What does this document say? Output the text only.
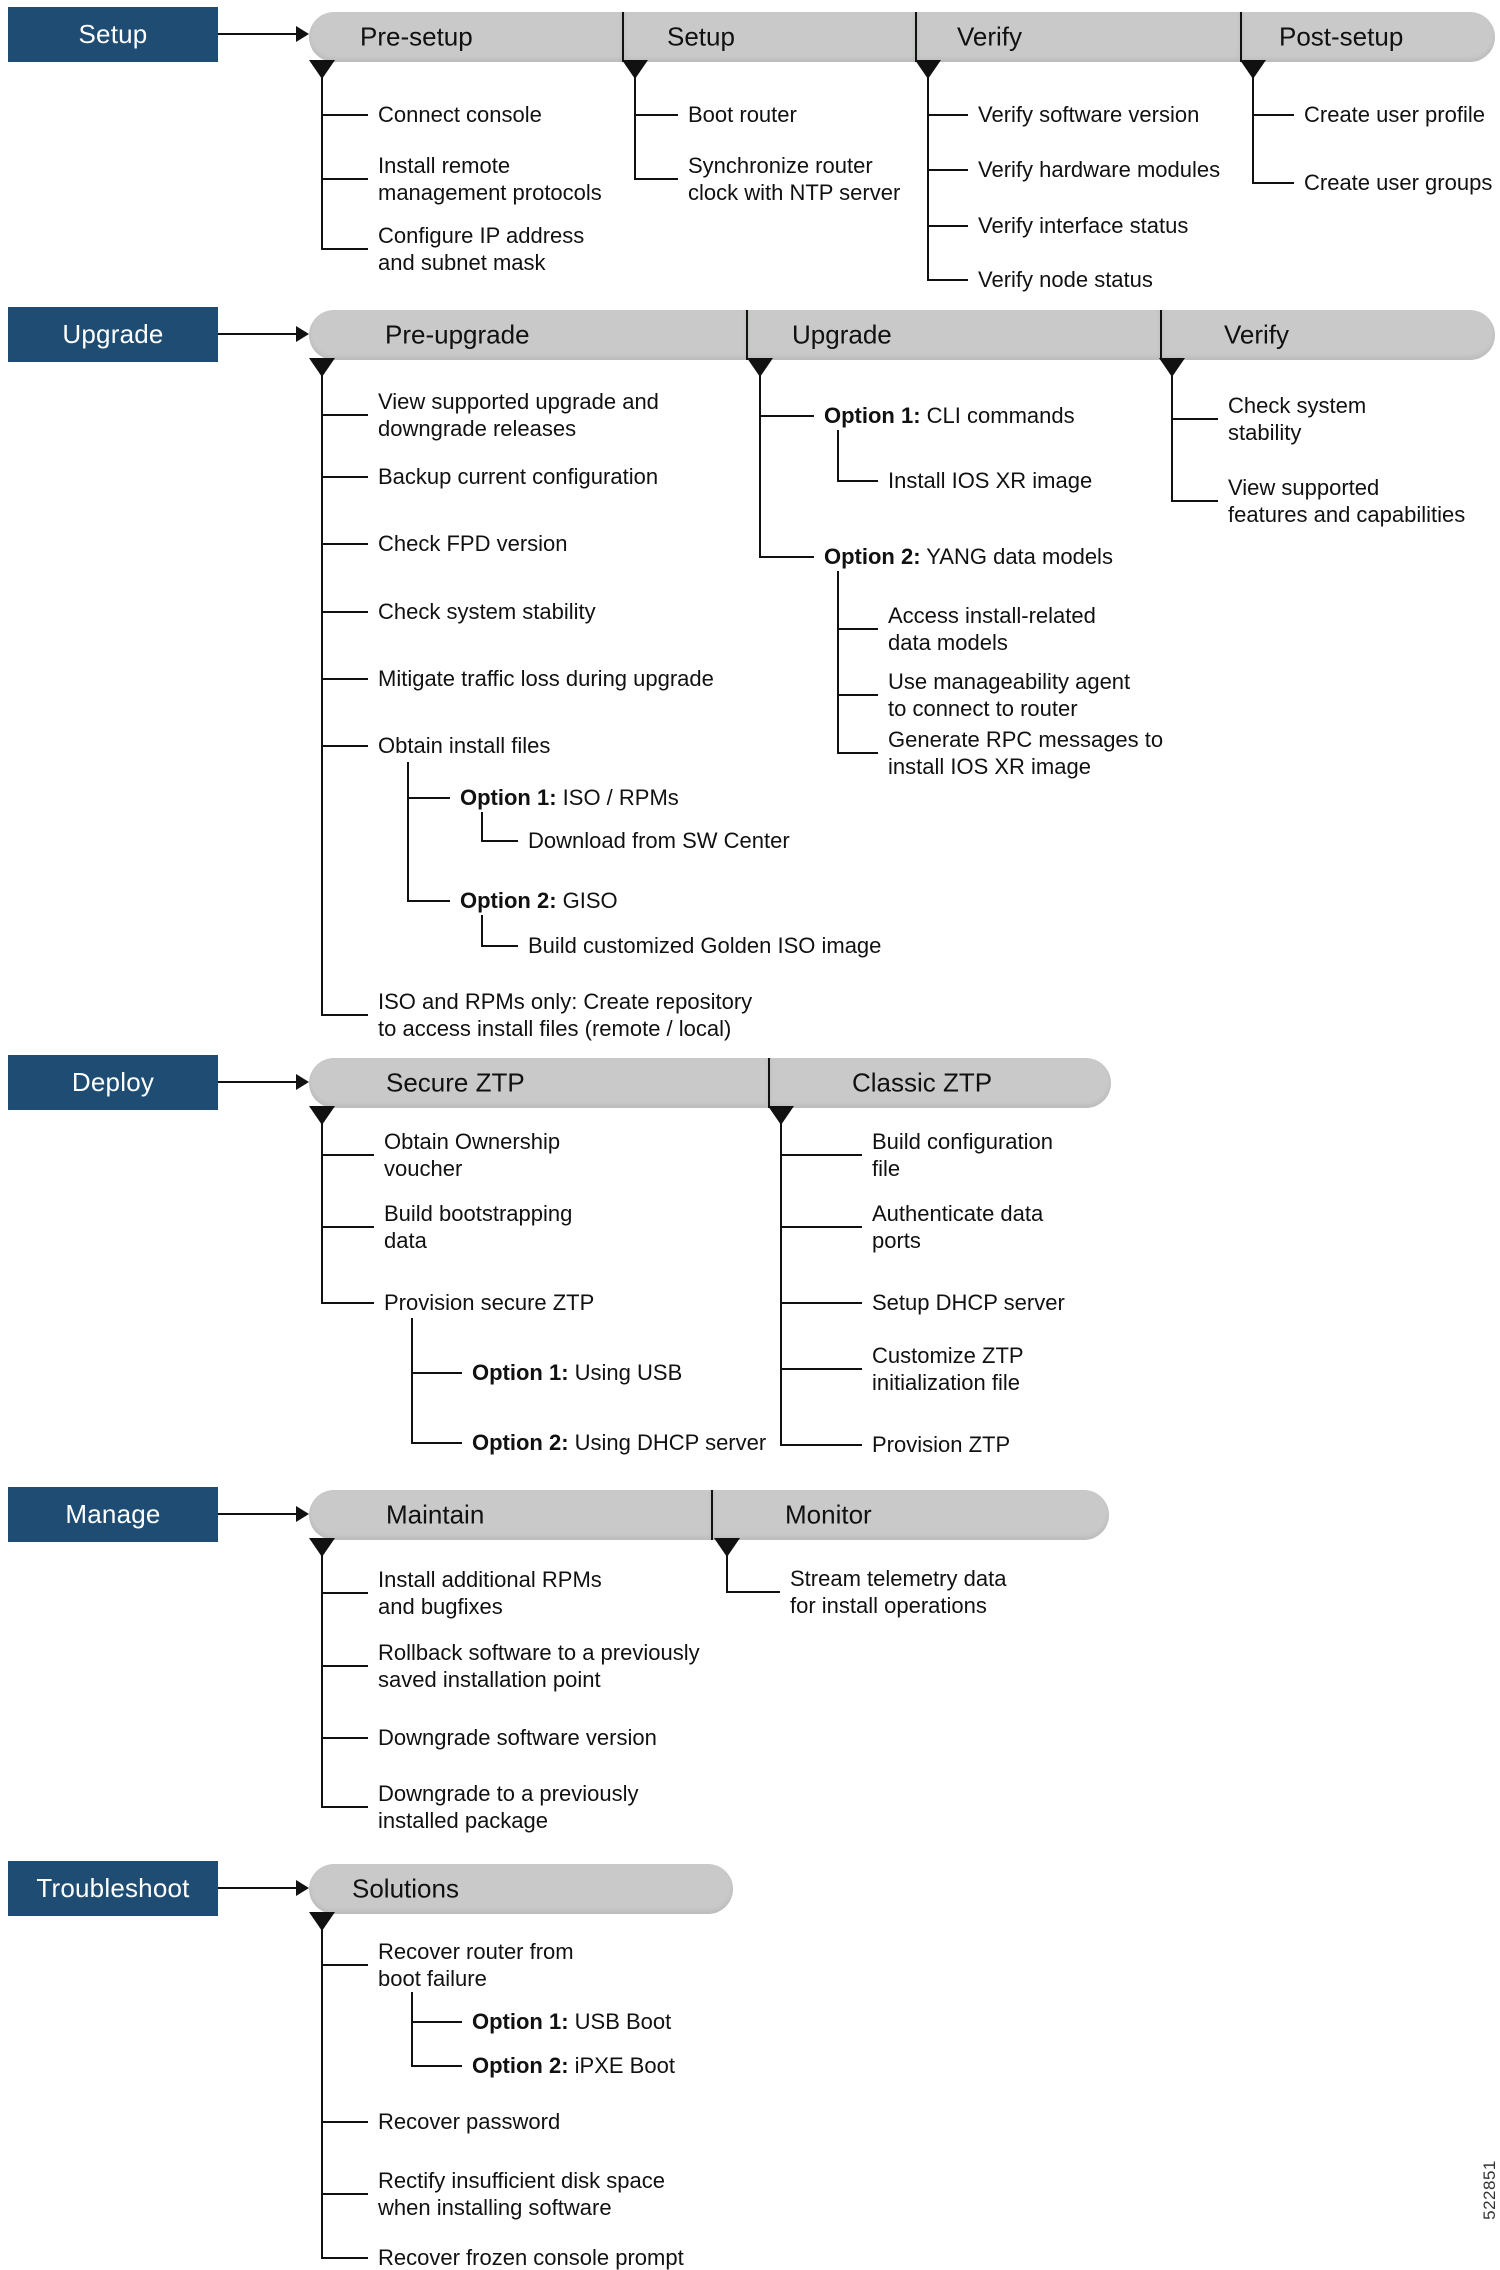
522851
Setup	Pre-setup
Connect console
Install remote
management protocols
Configure IP address
and subnet mask
Setup
Boot router
Synchronize router
clock with NTP server
Verify
Verify software version
Verify hardware modules
Verify interface status
Verify node status
Post-setup
Create user profile
Create user groups
Upgrade	Pre-upgrade
View supported upgrade and
downgrade releases
Backup current configuration
Check FPD version
Check system stability
Mitigate traffic loss during upgrade
Obtain install files
Option 1: ISO / RPMs
Download from SW Center
Option 2: GISO
Build customized Golden ISO image
ISO and RPMs only: Create repository
to access install files (remote / local)
Upgrade
Option 1: CLI commands
Install IOS XR image
Option 2: YANG data models
Access install-related
data models
Use manageability agent
to connect to router
Generate RPC messages to
install IOS XR image
Verify
Check system
stability
View supported
features and capabilities
Deploy	Secure ZTP
Obtain Ownership
voucher
Build bootstrapping
data
Provision secure ZTP
Option 1: Using USB
Option 2: Using DHCP server
Classic ZTP
Build configuration
file
Authenticate data
ports
Setup DHCP server
Customize ZTP
initialization file
Provision ZTP
Manage	Maintain
Install additional RPMs
and bugfixes
Rollback software to a previously
saved installation point
Downgrade software version
Downgrade to a previously
installed package
Monitor
Stream telemetry data
for install operations
Troubleshoot	Solutions
Recover router from
boot failure
Option 1: USB Boot
Option 2: iPXE Boot
Recover password
Rectify insufficient disk space
when installing software
Recover frozen console prompt
